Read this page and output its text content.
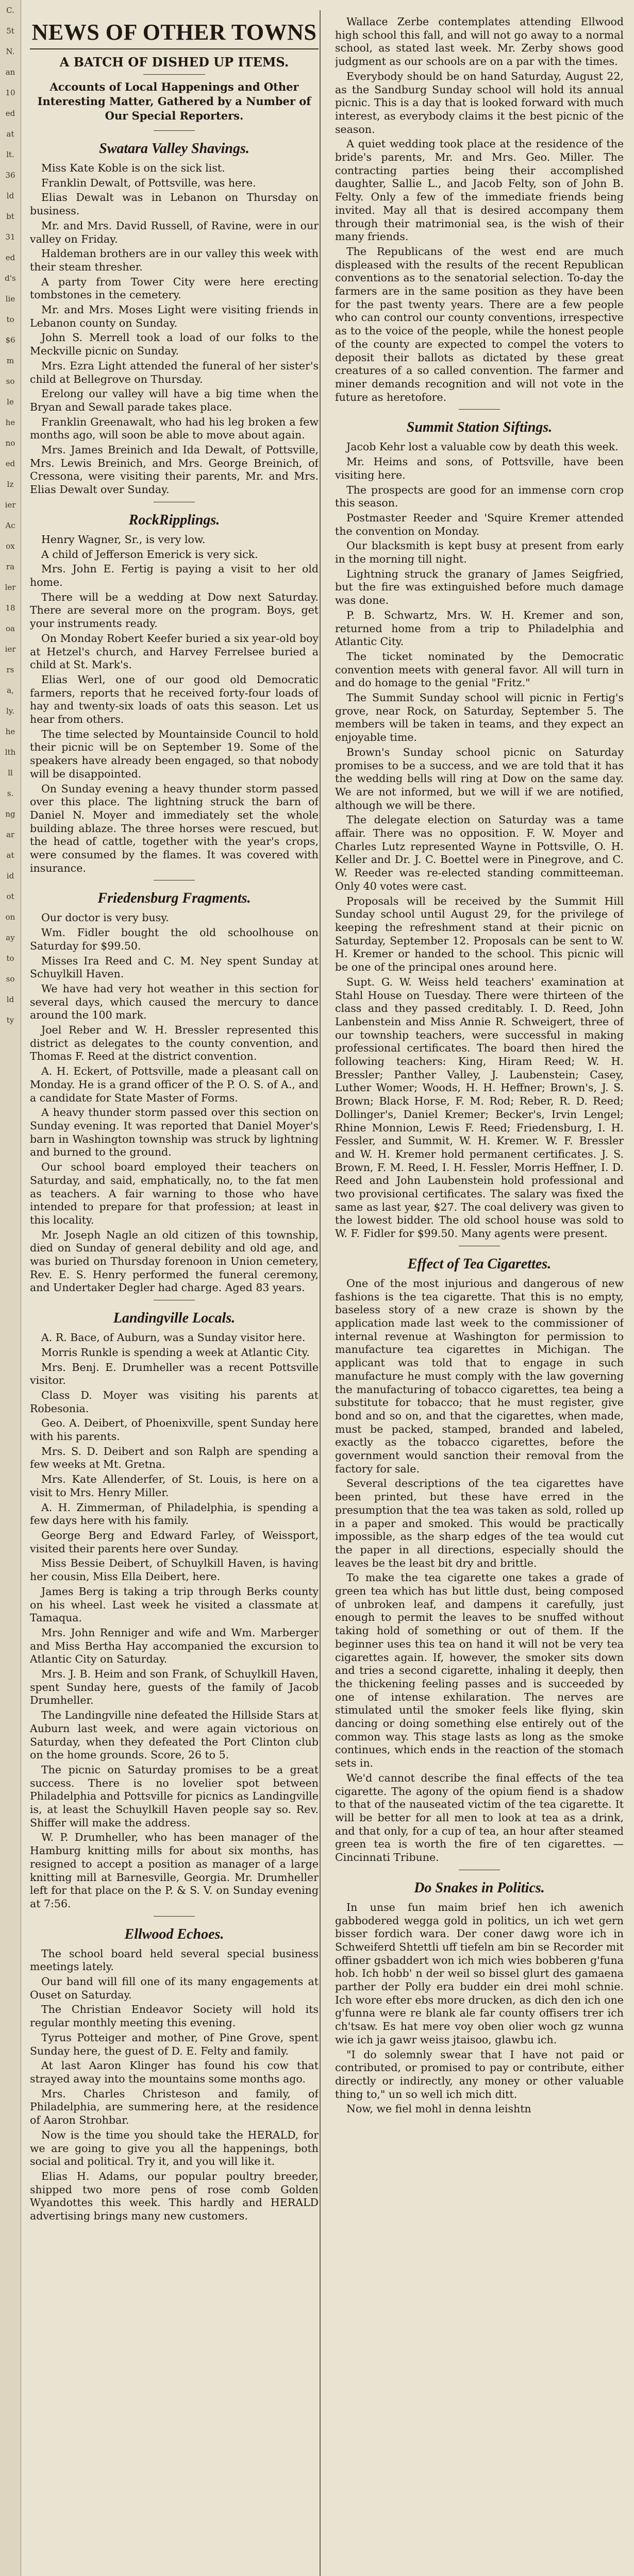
C.
5t
N.
an
10
ed
at
lt.
36
ld
bt
31
ed
d's
lie
to
$6
m
so
le
he
no
ed
lz
ier
Ac
ox
ra
ler
18
oa
ier
rs
a,
ly.
he
lth
ll
s.
ng
ar
at
id
ot
on
ay
to
so
ld
ty
NEWS OF OTHER TOWNS
A BATCH OF DISHED UP ITEMS.
Accounts of Local Happenings and Other Interesting Matter, Gathered by a Number of Our Special Reporters.
Swatara Valley Shavings.

Miss Kate Koble is on the sick list.

Franklin Dewalt, of Pottsville, was here.

Elias Dewalt was in Lebanon on Thursday on business.

Mr. and Mrs. David Russell, of Ravine, were in our valley on Friday.

Haldeman brothers are in our valley this week with their steam thresher.

A party from Tower City were here erecting tombstones in the cemetery.

Mr. and Mrs. Moses Light were visiting friends in Lebanon county on Sunday.

John S. Merrell took a load of our folks to the Meckville picnic on Sunday.

Mrs. Ezra Light attended the funeral of her sister's child at Bellegrove on Thursday.

Erelong our valley will have a big time when the Bryan and Sewall parade takes place.

Franklin Greenawalt, who had his leg broken a few months ago, will soon be able to move about again.

Mrs. James Breinich and Ida Dewalt, of Pottsville, Mrs. Lewis Breinich, and Mrs. George Breinich, of Cressona, were visiting their parents, Mr. and Mrs. Elias Dewalt over Sunday.

RockRipplings.

Henry Wagner, Sr., is very low.

A child of Jefferson Emerick is very sick.

Mrs. John E. Fertig is paying a visit to her old home.

There will be a wedding at Dow next Saturday. There are several more on the program. Boys, get your instruments ready.

On Monday Robert Keefer buried a six year-old boy at Hetzel's church, and Harvey Ferrelsee buried a child at St. Mark's.

Elias Werl, one of our good old Democratic farmers, reports that he received forty-four loads of hay and twenty-six loads of oats this season. Let us hear from others.

The time selected by Mountainside Council to hold their picnic will be on September 19. Some of the speakers have already been engaged, so that nobody will be disappointed.

On Sunday evening a heavy thunder storm passed over this place. The lightning struck the barn of Daniel N. Moyer and immediately set the whole building ablaze. The three horses were rescued, but the head of cattle, together with the year's crops, were consumed by the flames. It was covered with insurance.

Friedensburg Fragments.

Our doctor is very busy.

Wm. Fidler bought the old schoolhouse on Saturday for $99.50.

Misses Ira Reed and C. M. Ney spent Sunday at Schuylkill Haven.

We have had very hot weather in this section for several days, which caused the mercury to dance around the 100 mark.

Joel Reber and W. H. Bressler represented this district as delegates to the county convention, and Thomas F. Reed at the district convention.

A. H. Eckert, of Pottsville, made a pleasant call on Monday. He is a grand officer of the P. O. S. of A., and a candidate for State Master of Forms.

A heavy thunder storm passed over this section on Sunday evening. It was reported that Daniel Moyer's barn in Washington township was struck by lightning and burned to the ground.

Our school board employed their teachers on Saturday, and said, emphatically, no, to the fat men as teachers. A fair warning to those who have intended to prepare for that profession; at least in this locality.

Mr. Joseph Nagle an old citizen of this township, died on Sunday of general debility and old age, and was buried on Thursday forenoon in Union cemetery, Rev. E. S. Henry performed the funeral ceremony, and Undertaker Degler had charge. Aged 83 years.

Landingville Locals.

A. R. Bace, of Auburn, was a Sunday visitor here.

Morris Runkle is spending a week at Atlantic City.

Mrs. Benj. E. Drumheller was a recent Pottsville visitor.

Class D. Moyer was visiting his parents at Robesonia.

Geo. A. Deibert, of Phoenixville, spent Sunday here with his parents.

Mrs. S. D. Deibert and son Ralph are spending a few weeks at Mt. Gretna.

Mrs. Kate Allenderfer, of St. Louis, is here on a visit to Mrs. Henry Miller.

A. H. Zimmerman, of Philadelphia, is spending a few days here with his family.

George Berg and Edward Farley, of Weissport, visited their parents here over Sunday.

Miss Bessie Deibert, of Schuylkill Haven, is having her cousin, Miss Ella Deibert, here.

James Berg is taking a trip through Berks county on his wheel. Last week he visited a classmate at Tamaqua.

Mrs. John Renniger and wife and Wm. Marberger and Miss Bertha Hay accompanied the excursion to Atlantic City on Saturday.

Mrs. J. B. Heim and son Frank, of Schuylkill Haven, spent Sunday here, guests of the family of Jacob Drumheller.

The Landingville nine defeated the Hillside Stars at Auburn last week, and were again victorious on Saturday, when they defeated the Port Clinton club on the home grounds. Score, 26 to 5.

The picnic on Saturday promises to be a great success. There is no lovelier spot between Philadelphia and Pottsville for picnics as Landingville is, at least the Schuylkill Haven people say so. Rev. Shiffer will make the address.

W. P. Drumheller, who has been manager of the Hamburg knitting mills for about six months, has resigned to accept a position as manager of a large knitting mill at Barnesville, Georgia. Mr. Drumheller left for that place on the P. & S. V. on Sunday evening at 7:56.

Ellwood Echoes.

The school board held several special business meetings lately.

Our band will fill one of its many engagements at Ouset on Saturday.

The Christian Endeavor Society will hold its regular monthly meeting this evening.

Tyrus Potteiger and mother, of Pine Grove, spent Sunday here, the guest of D. E. Felty and family.

At last Aaron Klinger has found his cow that strayed away into the mountains some months ago.

Mrs. Charles Christeson and family, of Philadelphia, are summering here, at the residence of Aaron Strohbar.

Now is the time you should take the HERALD, for we are going to give you all the happenings, both social and political. Try it, and you will like it.

Elias H. Adams, our popular poultry breeder, shipped two more pens of rose comb Golden Wyandottes this week. This hardly and HERALD advertising brings many new customers.

Wallace Zerbe contemplates attending Ellwood high school this fall, and will not go away to a normal school, as stated last week. Mr. Zerby shows good judgment as our schools are on a par with the times.

Everybody should be on hand Saturday, August 22, as the Sandburg Sunday school will hold its annual picnic. This is a day that is looked forward with much interest, as everybody claims it the best picnic of the season.

A quiet wedding took place at the residence of the bride's parents, Mr. and Mrs. Geo. Miller. The contracting parties being their accomplished daughter, Sallie L., and Jacob Felty, son of John B. Felty. Only a few of the immediate friends being invited. May all that is desired accompany them through their matrimonial sea, is the wish of their many friends.

The Republicans of the west end are much displeased with the results of the recent Republican conventions as to the senatorial selection. To-day the farmers are in the same position as they have been for the past twenty years. There are a few people who can control our county conventions, irrespective as to the voice of the people, while the honest people of the county are expected to compel the voters to deposit their ballots as dictated by these great creatures of a so called convention. The farmer and miner demands recognition and will not vote in the future as heretofore.

Summit Station Siftings.

Jacob Kehr lost a valuable cow by death this week.

Mr. Heims and sons, of Pottsville, have been visiting here.

The prospects are good for an immense corn crop this season.

Postmaster Reeder and 'Squire Kremer attended the convention on Monday.

Our blacksmith is kept busy at present from early in the morning till night.

Lightning struck the granary of James Seigfried, but the fire was extinguished before much damage was done.

P. B. Schwartz, Mrs. W. H. Kremer and son, returned home from a trip to Philadelphia and Atlantic City.

The ticket nominated by the Democratic convention meets with general favor. All will turn in and do homage to the genial "Fritz."

The Summit Sunday school will picnic in Fertig's grove, near Rock, on Saturday, September 5. The members will be taken in teams, and they expect an enjoyable time.

Brown's Sunday school picnic on Saturday promises to be a success, and we are told that it has the wedding bells will ring at Dow on the same day. We are not informed, but we will if we are notified, although we will be there.

The delegate election on Saturday was a tame affair. There was no opposition. F. W. Moyer and Charles Lutz represented Wayne in Pottsville, O. H. Keller and Dr. J. C. Boettel were in Pinegrove, and C. W. Reeder was re-elected standing committeeman. Only 40 votes were cast.

Proposals will be received by the Summit Hill Sunday school until August 29, for the privilege of keeping the refreshment stand at their picnic on Saturday, September 12. Proposals can be sent to W. H. Kremer or handed to the school. This picnic will be one of the principal ones around here.

Supt. G. W. Weiss held teachers' examination at Stahl House on Tuesday. There were thirteen of the class and they passed creditably. I. D. Reed, John Lanbenstein and Miss Annie R. Schweigert, three of our township teachers, were successful in making professional certificates. The board then hired the following teachers: King, Hiram Reed; W. H. Bressler; Panther Valley, J. Laubenstein; Casey, Luther Womer; Woods, H. H. Heffner; Brown's, J. S. Brown; Black Horse, F. M. Rod; Reber, R. D. Reed; Dollinger's, Daniel Kremer; Becker's, Irvin Lengel; Rhine Monnion, Lewis F. Reed; Friedensburg, I. H. Fessler, and Summit, W. H. Kremer. W. F. Bressler and W. H. Kremer hold permanent certificates. J. S. Brown, F. M. Reed, I. H. Fessler, Morris Heffner, I. D. Reed and John Laubenstein hold professional and two provisional certificates. The salary was fixed the same as last year, $27. The coal delivery was given to the lowest bidder. The old school house was sold to W. F. Fidler for $99.50. Many agents were present.

Effect of Tea Cigarettes.

One of the most injurious and dangerous of new fashions is the tea cigarette. That this is no empty, baseless story of a new craze is shown by the application made last week to the commissioner of internal revenue at Washington for permission to manufacture tea cigarettes in Michigan. The applicant was told that to engage in such manufacture he must comply with the law governing the manufacturing of tobacco cigarettes, tea being a substitute for tobacco; that he must register, give bond and so on, and that the cigarettes, when made, must be packed, stamped, branded and labeled, exactly as the tobacco cigarettes, before the government would sanction their removal from the factory for sale.

Several descriptions of the tea cigarettes have been printed, but these have erred in the presumption that the tea was taken as sold, rolled up in a paper and smoked. This would be practically impossible, as the sharp edges of the tea would cut the paper in all directions, especially should the leaves be the least bit dry and brittle.

To make the tea cigarette one takes a grade of green tea which has but little dust, being composed of unbroken leaf, and dampens it carefully, just enough to permit the leaves to be snuffed without taking hold of something or out of them. If the beginner uses this tea on hand it will not be very tea cigarettes again. If, however, the smoker sits down and tries a second cigarette, inhaling it deeply, then the thickening feeling passes and is succeeded by one of intense exhilaration. The nerves are stimulated until the smoker feels like flying, skin dancing or doing something else entirely out of the common way. This stage lasts as long as the smoke continues, which ends in the reaction of the stomach sets in.

We'd cannot describe the final effects of the tea cigarette. The agony of the opium fiend is a shadow to that of the nauseated victim of the tea cigarette. It will be better for all men to look at tea as a drink, and that only, for a cup of tea, an hour after steamed green tea is worth the fire of ten cigarettes. — Cincinnati Tribune.

Do Snakes in Politics.

In unse fun maim brief hen ich awenich gabbodered wegga gold in politics, un ich wet gern bisser fordich wara. Der coner dawg wore ich in Schweiferd Shtettli uff tiefeln am bin se Recorder mit offiner gsbaddert won ich mich wies bobberen g'funa hob. Ich hobb' n der weil so bissel glurt des gamaena parther der Polly era budder ein drei mohl schnie. Ich wore efter ebs more drucken, as dich den ich one g'funna were re blank ale far county offisers trer ich ch'tsaw. Es hat mere voy oben olier woch gz wunna wie ich ja gawr weiss jtaisoo, glawbu ich.

"I do solemnly swear that I have not paid or contributed, or promised to pay or contribute, either directly or indirectly, any money or other valuable thing to," un so well ich mich ditt.

Now, we fiel mohl in denna leishtn
